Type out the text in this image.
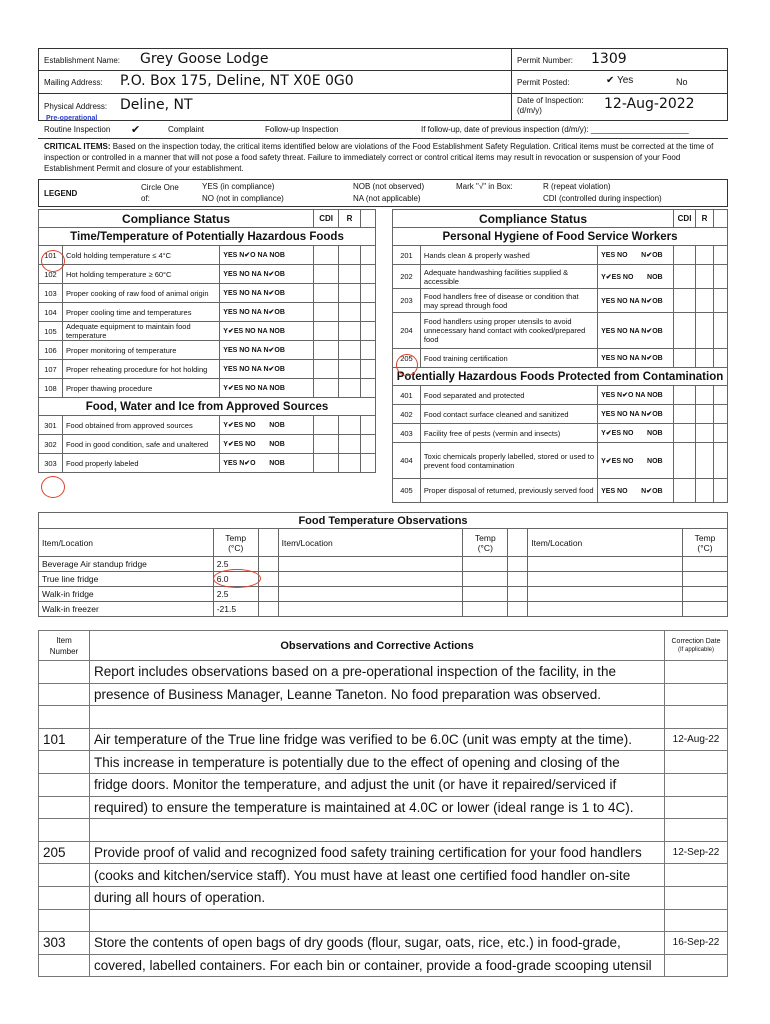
Establishment Name: Grey Goose Lodge	Permit Number: 1309
Mailing Address: P.O. Box 175, Deline, NT X0E 0G0	Permit Posted:	✔ Yes	No
Physical Address: Deline, NT	Date of Inspection:
(d/m/y)	12-Aug-2022
Pre-operational
Routine Inspection ✔	Complaint	Follow-up Inspection	If follow-up, date of previous inspection (d/m/y): ______________________
CRITICAL ITEMS: Based on the inspection today, the critical items identified below are violations of the Food Establishment Safety Regulation. Critical items must be corrected at the time of inspection or controlled in a manner that will not pose a food safety threat. Failure to immediately correct or control critical items may result in revocation or suspension of your Food Establishment Permit and closure of your establishment.
LEGEND
Circle One of:
YES (in compliance)
NO (not in compliance)
NOB (not observed)
NA (not applicable)
Mark "√" in Box:	R (repeat violation)
CDI (controlled during inspection)
Compliance Status			CDI	R	
Time/Temperature of Potentially Hazardous Foods					
101	Cold holding temperature ≤ 4°C	YES N✔O NA NOB			
102	Hot holding temperature ≥ 60°C	YES NO NA N✔OB			
103	Proper cooking of raw food of animal origin	YES NO NA N✔OB			
104	Proper cooling time and temperatures	YES NO NA N✔OB			
105	Adequate equipment to maintain food temperature	Y✔ES NO NA NOB			
106	Proper monitoring of temperature	YES NO NA N✔OB			
107	Proper reheating procedure for hot holding	YES NO NA N✔OB			
108	Proper thawing procedure	Y✔ES NO NA NOB			
Food, Water and Ice from Approved Sources					
301	Food obtained from approved sources	Y✔ES NO       NOB			
302	Food in good condition, safe and unaltered	Y✔ES NO       NOB			
303	Food properly labeled	YES N✔O       NOB			
Compliance Status			CDI	R	
Personal Hygiene of Food Service Workers					
201	Hands clean & properly washed	YES NO       N✔OB			
202	Adequate handwashing facilities supplied & accessible	Y✔ES NO       NOB			
203	Food handlers free of disease or condition that may spread through food	YES NO NA N✔OB			
204	Food handlers using proper utensils to avoid unnecessary hand contact with cooked/prepared food	YES NO NA N✔OB			
205	Food training certification	YES NO NA N✔OB			
Potentially Hazardous Foods Protected from Contamination					
401	Food separated and protected	YES N✔O NA NOB			
402	Food contact surface cleaned and sanitized	YES NO NA N✔OB			
403	Facility free of pests (vermin and insects)	Y✔ES NO       NOB			
404	Toxic chemicals properly labelled, stored or used to prevent food contamination	Y✔ES NO       NOB			
405	Proper disposal of returned, previously served food	YES NO       N✔OB			
Food Temperature Observations							
Item/Location	Temp (°C)		Item/Location	Temp (°C)		Item/Location	Temp (°C)
Beverage Air standup fridge	2.5						
True line fridge	6.0						
Walk-in fridge	2.5						
Walk-in freezer	-21.5						
Item Number	Observations and Corrective Actions	Correction Date
(If applicable)

	Report includes observations based on a pre-operational inspection of the facility, in the	
	presence of Business Manager, Leanne Taneton. No food preparation was observed.	

101	Air temperature of the True line fridge was verified to be 6.0C (unit was empty at the time).	12-Aug-22
	This increase in temperature is potentially due to the effect of opening and closing of the	
	fridge doors. Monitor the temperature, and adjust the unit (or have it repaired/serviced if	
	required) to ensure the temperature is maintained at 4.0C or lower (ideal range is 1 to 4C).	

205	Provide proof of valid and recognized food safety training certification for your food handlers	12-Sep-22
	(cooks and kitchen/service staff). You must have at least one certified food handler on-site	
	during all hours of operation.	

303	Store the contents of open bags of dry goods (flour, sugar, oats, rice, etc.) in food-grade,	16-Sep-22
	covered, labelled containers. For each bin or container, provide a food-grade scooping utensil	
